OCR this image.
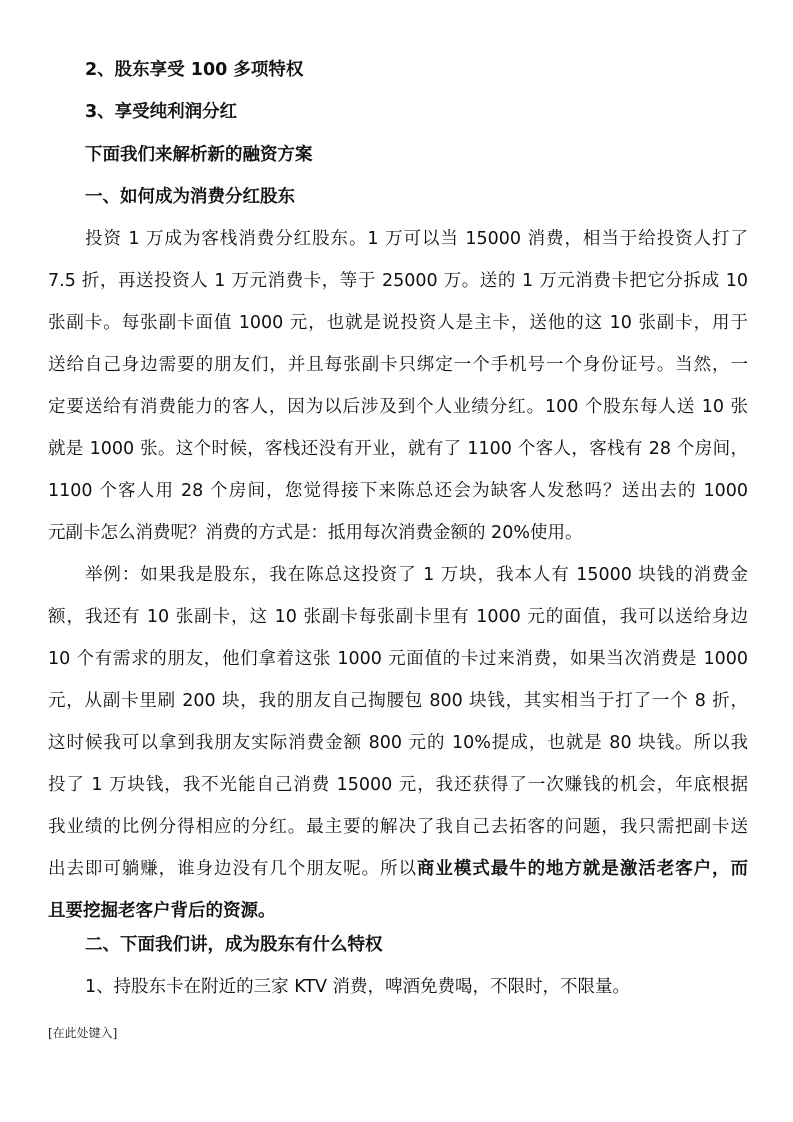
2、股东享受 100 多项特权
3、享受纯利润分红
下面我们来解析新的融资方案
一、如何成为消费分红股东
投资 1 万成为客栈消费分红股东。1 万可以当 15000 消费，相当于给投资人打了
7.5 折，再送投资人 1 万元消费卡，等于 25000 万。送的 1 万元消费卡把它分拆成 10
张副卡。每张副卡面值 1000 元，也就是说投资人是主卡，送他的这 10 张副卡，用于
送给自己身边需要的朋友们，并且每张副卡只绑定一个手机号一个身份证号。当然，一
定要送给有消费能力的客人，因为以后涉及到个人业绩分红。100 个股东每人送 10 张
就是 1000 张。这个时候，客栈还没有开业，就有了 1100 个客人，客栈有 28 个房间，
1100 个客人用 28 个房间，您觉得接下来陈总还会为缺客人发愁吗？送出去的 1000
元副卡怎么消费呢？消费的方式是：抵用每次消费金额的 20%使用。
举例：如果我是股东，我在陈总这投资了 1 万块，我本人有 15000 块钱的消费金
额，我还有 10 张副卡，这 10 张副卡每张副卡里有 1000 元的面值，我可以送给身边
10 个有需求的朋友，他们拿着这张 1000 元面值的卡过来消费，如果当次消费是 1000
元，从副卡里刷 200 块，我的朋友自己掏腰包 800 块钱，其实相当于打了一个 8 折，
这时候我可以拿到我朋友实际消费金额 800 元的 10%提成，也就是 80 块钱。所以我
投了 1 万块钱，我不光能自己消费 15000 元，我还获得了一次赚钱的机会，年底根据
我业绩的比例分得相应的分红。最主要的解决了我自己去拓客的问题，我只需把副卡送
出去即可躺赚，谁身边没有几个朋友呢。所以商业模式最牛的地方就是激活老客户，而
且要挖掘老客户背后的资源。
二、下面我们讲，成为股东有什么特权
1、持股东卡在附近的三家 KTV 消费，啤酒免费喝，不限时，不限量。
[在此处键入]
